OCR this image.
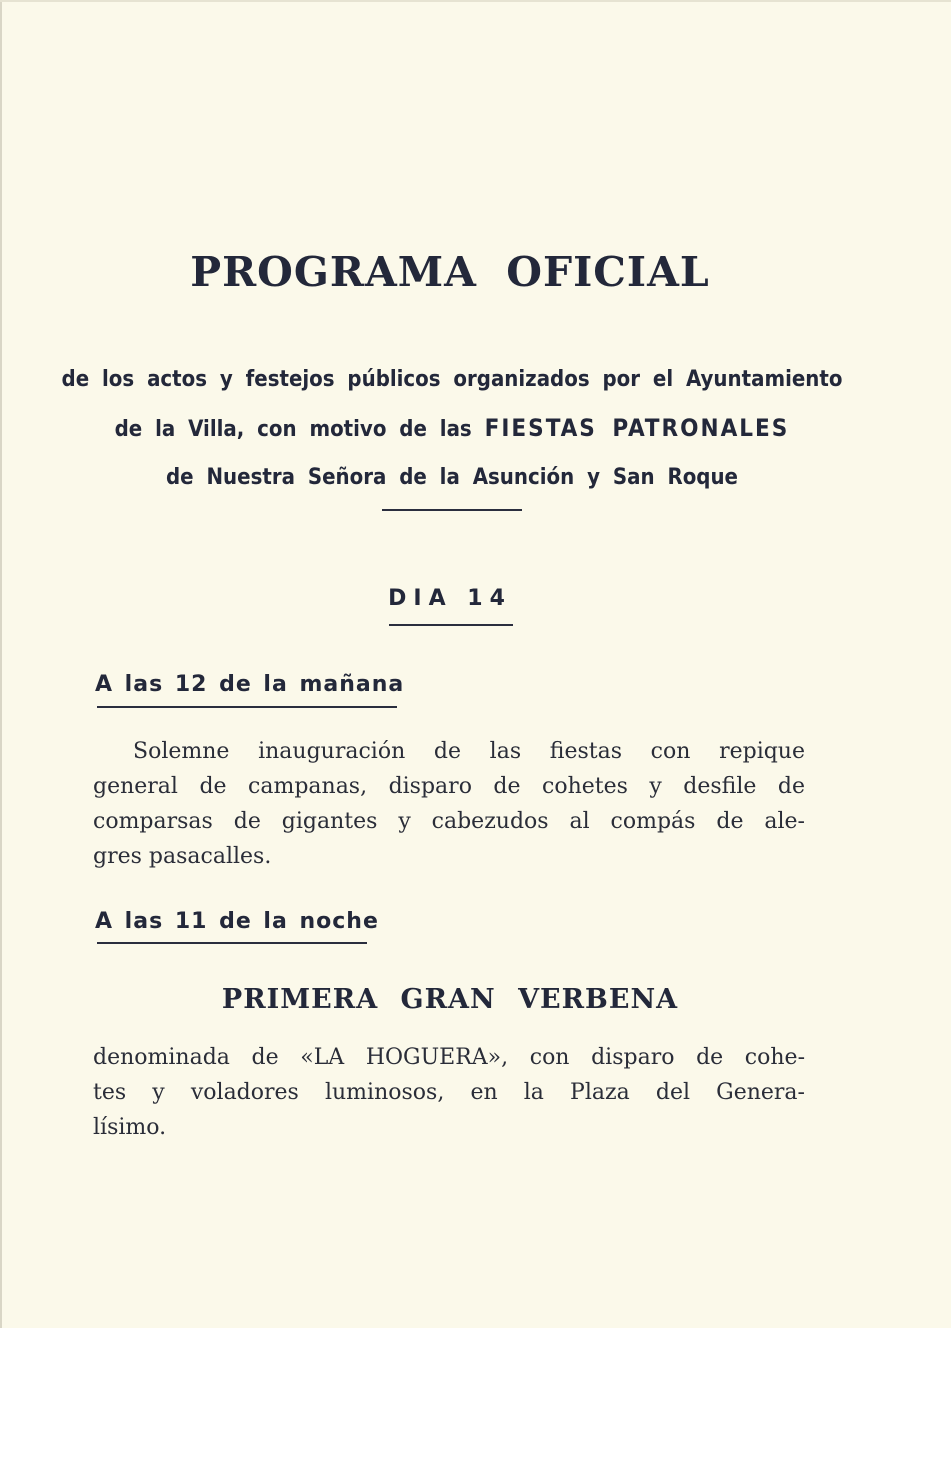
PROGRAMA OFICIAL
de los actos y festejos públicos organizados por el Ayuntamiento
de la Villa, con motivo de las FIESTAS PATRONALES
de Nuestra Señora de la Asunción y San Roque
DIA 14
A las 12 de la mañana
Solemne inauguración de las fiestas con repique
general de campanas, disparo de cohetes y desfile de
comparsas de gigantes y cabezudos al compás de ale-
gres pasacalles.
A las 11 de la noche
PRIMERA GRAN VERBENA
denominada de «LA HOGUERA», con disparo de cohe-
tes y voladores luminosos, en la Plaza del Genera-
lísimo.
